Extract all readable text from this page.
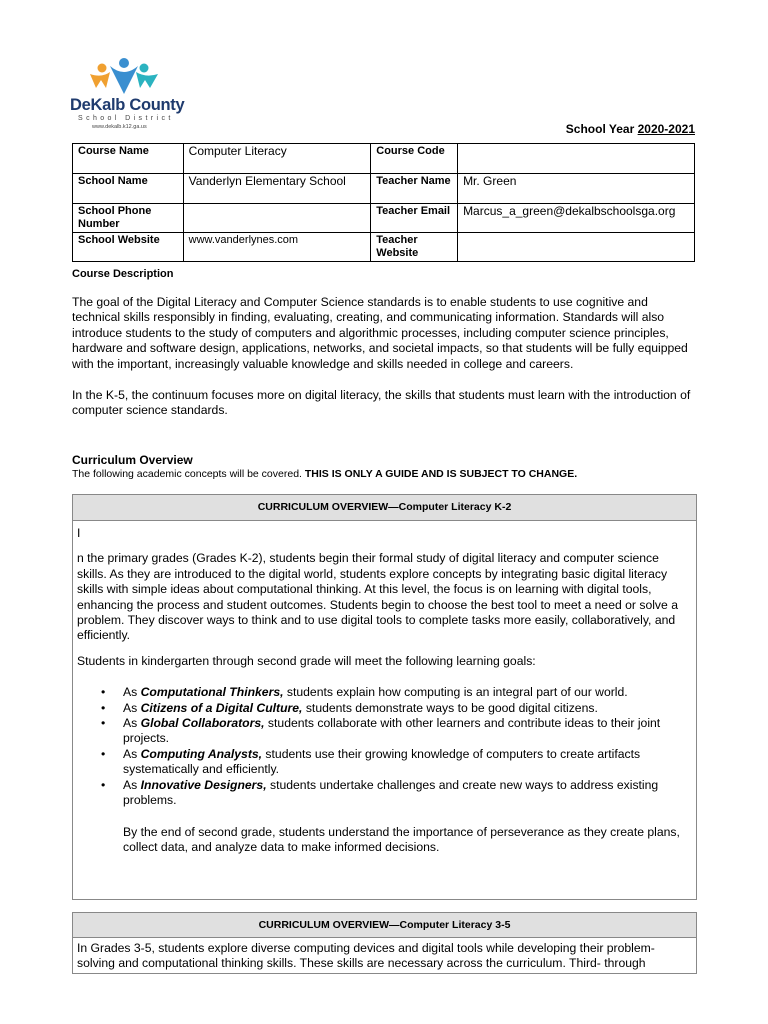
DeKalb County
School District
www.dekalb.k12.ga.us	School Year 2020-2021
Course Name	Computer Literacy	Course Code	
School Name	Vanderlyn Elementary School	Teacher Name	Mr. Green
School Phone Number		Teacher Email	Marcus_a_green@dekalbschoolsga.org
School Website	www.vanderlynes.com	Teacher Website	
Course Description
The goal of the Digital Literacy and Computer Science standards is to enable students to use cognitive and technical skills responsibly in finding, evaluating, creating, and communicating information. Standards will also introduce students to the study of computers and algorithmic processes, including computer science principles, hardware and software design, applications, networks, and societal impacts, so that students will be fully equipped with the important, increasingly valuable knowledge and skills needed in college and careers.
In the K-5, the continuum focuses more on digital literacy, the skills that students must learn with the introduction of computer science standards.
Curriculum Overview
The following academic concepts will be covered. THIS IS ONLY A GUIDE AND IS SUBJECT TO CHANGE.
CURRICULUM OVERVIEW—Computer Literacy K-2
I
n the primary grades (Grades K-2), students begin their formal study of digital literacy and computer science skills. As they are introduced to the digital world, students explore concepts by integrating basic digital literacy skills with simple ideas about computational thinking. At this level, the focus is on learning with digital tools, enhancing the process and student outcomes. Students begin to choose the best tool to meet a need or solve a problem. They discover ways to think and to use digital tools to complete tasks more easily, collaboratively, and efficiently.
Students in kindergarten through second grade will meet the following learning goals:
• As Computational Thinkers, students explain how computing is an integral part of our world.
• As Citizens of a Digital Culture, students demonstrate ways to be good digital citizens.
• As Global Collaborators, students collaborate with other learners and contribute ideas to their joint projects.
• As Computing Analysts, students use their growing knowledge of computers to create artifacts systematically and efficiently.
• As Innovative Designers, students undertake challenges and create new ways to address existing problems.
By the end of second grade, students understand the importance of perseverance as they create plans, collect data, and analyze data to make informed decisions.
CURRICULUM OVERVIEW—Computer Literacy 3-5
In Grades 3-5, students explore diverse computing devices and digital tools while developing their problem-solving and computational thinking skills. These skills are necessary across the curriculum. Third- through
